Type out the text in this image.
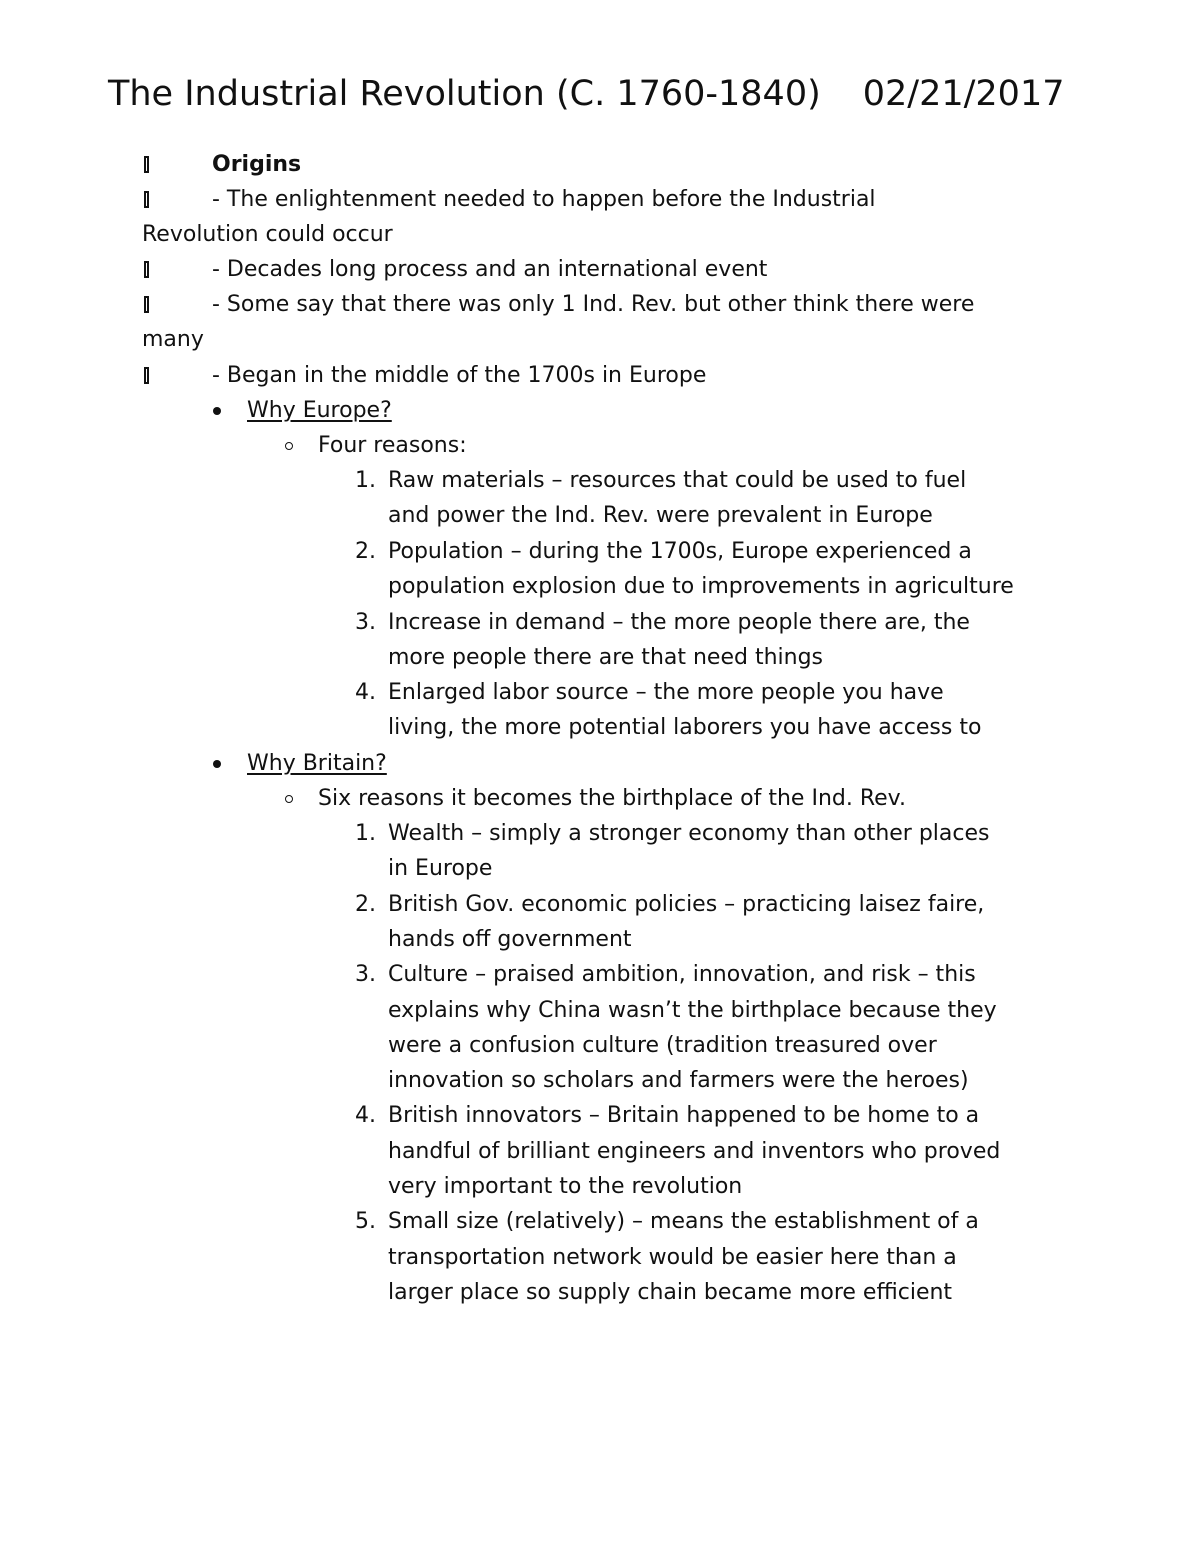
The Industrial Revolution (C. 1760-1840) 02/21/2017
Origins
- The enlightenment needed to happen before the Industrial
Revolution could occur
- Decades long process and an international event
- Some say that there was only 1 Ind. Rev. but other think there were
many
- Began in the middle of the 1700s in Europe
Why Europe?
Four reasons:
1. Raw materials – resources that could be used to fuel
and power the Ind. Rev. were prevalent in Europe
2. Population – during the 1700s, Europe experienced a
population explosion due to improvements in agriculture
3. Increase in demand – the more people there are, the
more people there are that need things
4. Enlarged labor source – the more people you have
living, the more potential laborers you have access to
Why Britain?
Six reasons it becomes the birthplace of the Ind. Rev.
1. Wealth – simply a stronger economy than other places
in Europe
2. British Gov. economic policies – practicing laisez faire,
hands off government
3. Culture – praised ambition, innovation, and risk – this
explains why China wasn’t the birthplace because they
were a confusion culture (tradition treasured over
innovation so scholars and farmers were the heroes)
4. British innovators – Britain happened to be home to a
handful of brilliant engineers and inventors who proved
very important to the revolution
5. Small size (relatively) – means the establishment of a
transportation network would be easier here than a
larger place so supply chain became more efficient
